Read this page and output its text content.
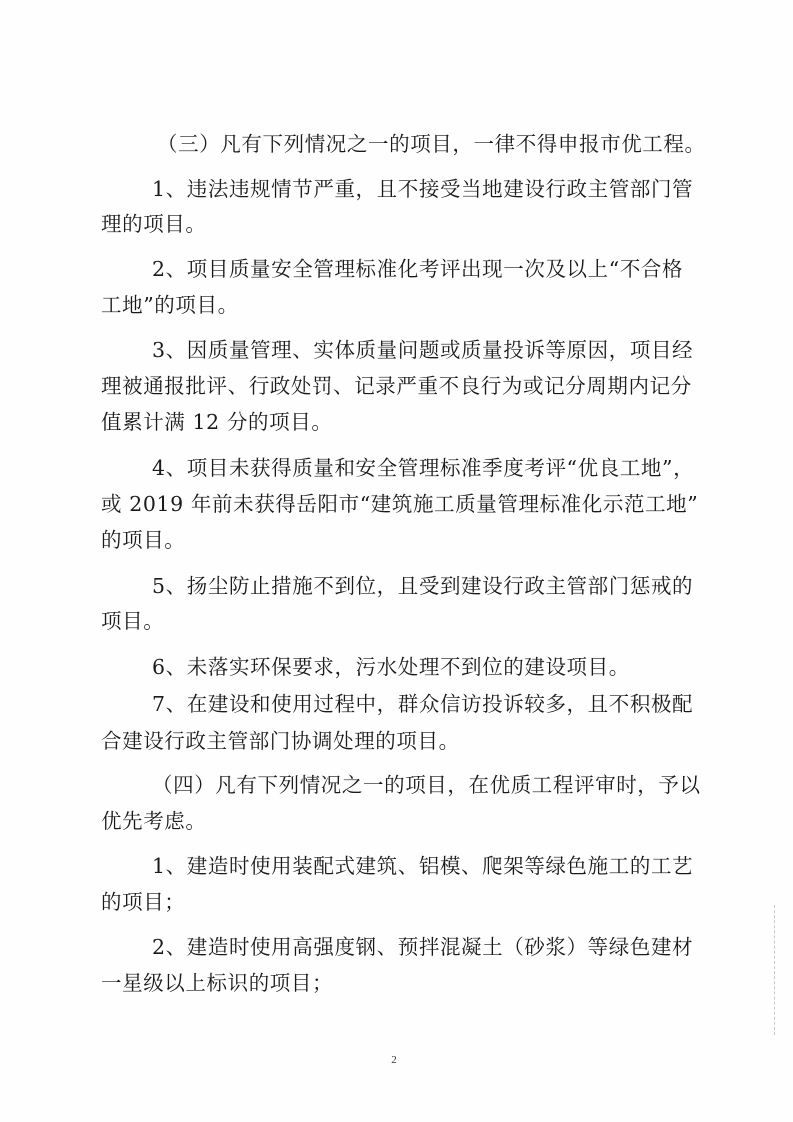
（三）凡有下列情况之一的项目，一律不得申报市优工程。
1、违法违规情节严重，且不接受当地建设行政主管部门管
理的项目。
2、项目质量安全管理标准化考评出现一次及以上“不合格
工地”的项目。
3、因质量管理、实体质量问题或质量投诉等原因，项目经
理被通报批评、行政处罚、记录严重不良行为或记分周期内记分
值累计满 12 分的项目。
4、项目未获得质量和安全管理标准季度考评“优良工地”，
或 2019 年前未获得岳阳市“建筑施工质量管理标准化示范工地”
的项目。
5、扬尘防止措施不到位，且受到建设行政主管部门惩戒的
项目。
6、未落实环保要求，污水处理不到位的建设项目。
7、在建设和使用过程中，群众信访投诉较多，且不积极配
合建设行政主管部门协调处理的项目。
（四）凡有下列情况之一的项目，在优质工程评审时，予以
优先考虑。
1、建造时使用装配式建筑、铝模、爬架等绿色施工的工艺
的项目；
2、建造时使用高强度钢、预拌混凝土（砂浆）等绿色建材
一星级以上标识的项目；
2
